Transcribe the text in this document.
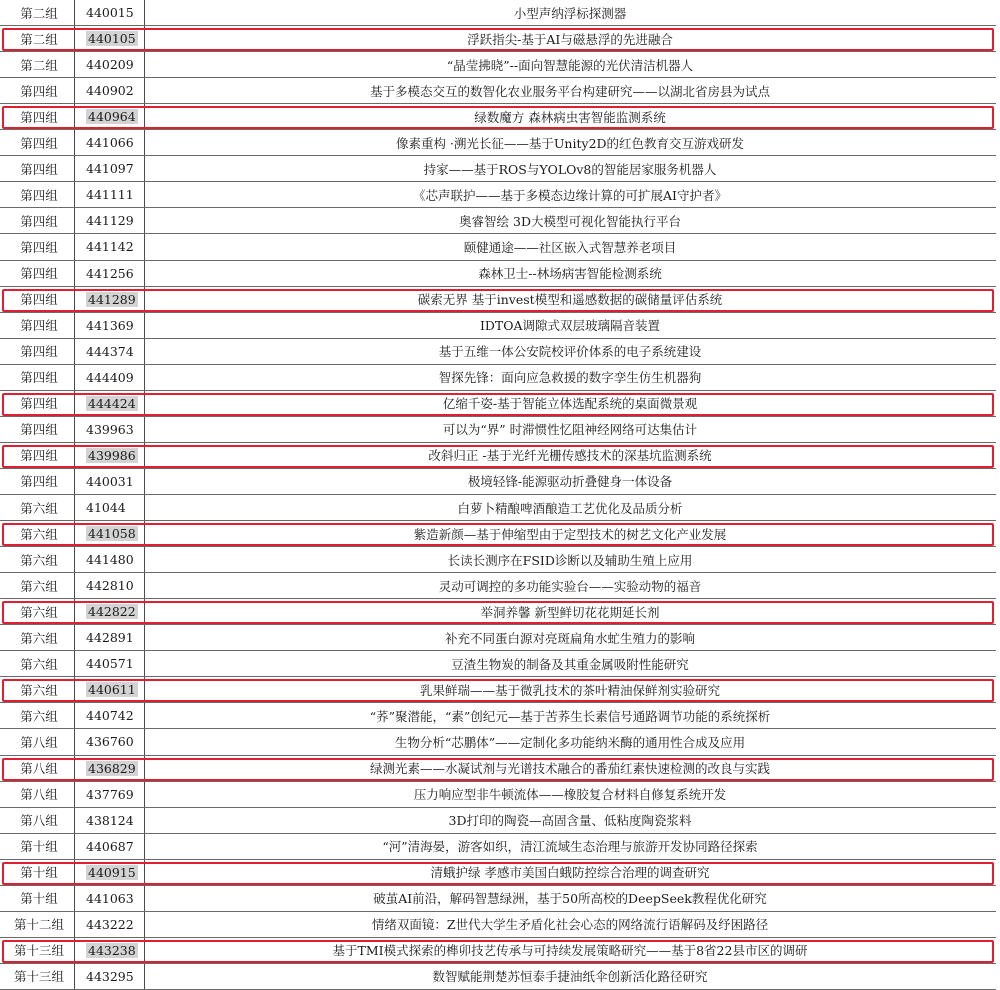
第二组	440015	小型声纳浮标探测器
第二组	440105	浮跃指尖-基于AI与磁悬浮的先进融合
第二组	440209	“晶莹拂晓”--面向智慧能源的光伏清洁机器人
第四组	440902	基于多模态交互的数智化农业服务平台构建研究——以湖北省房县为试点
第四组	440964	绿数魔方 森林病虫害智能监测系统
第四组	441066	像素重构 ·溯光长征——基于Unity2D的红色教育交互游戏研发
第四组	441097	持家——基于ROS与YOLOv8的智能居家服务机器人
第四组	441111	《芯声联护——基于多模态边缘计算的可扩展AI守护者》
第四组	441129	奥睿智绘 3D大模型可视化智能执行平台
第四组	441142	颐健通途——社区嵌入式智慧养老项目
第四组	441256	森林卫士--林场病害智能检测系统
第四组	441289	碳索无界 基于invest模型和遥感数据的碳储量评估系统
第四组	441369	IDTOA调隙式双层玻璃隔音装置
第四组	444374	基于五维一体公安院校评价体系的电子系统建设
第四组	444409	智探先锋：面向应急救援的数字孪生仿生机器狗
第四组	444424	亿缩千姿-基于智能立体选配系统的桌面微景观
第四组	439963	可以为“界” 时滞惯性忆阻神经网络可达集估计
第四组	439986	改斜归正 -基于光纤光栅传感技术的深基坑监测系统
第四组	440031	极境轻锋-能源驱动折叠健身一体设备
第六组	41044	白萝卜精酿啤酒酿造工艺优化及品质分析
第六组	441058	紫造新颜—基于伸缩型由于定型技术的树艺文化产业发展
第六组	441480	长读长测序在FSID诊断以及辅助生殖上应用
第六组	442810	灵动可调控的多功能实验台——实验动物的福音
第六组	442822	举洞养馨 新型鲜切花花期延长剂
第六组	442891	补充不同蛋白源对亮斑扁角水虻生殖力的影响
第六组	440571	豆渣生物炭的制备及其重金属吸附性能研究
第六组	440611	乳果鲜瑞——基于微乳技术的茶叶精油保鲜剂实验研究
第六组	440742	“荞”聚潜能，“素”创纪元—基于苦荞生长素信号通路调节功能的系统探析
第八组	436760	生物分析“芯鹏体”——定制化多功能纳米酶的通用性合成及应用
第八组	436829	绿测光素——水凝试剂与光谱技术融合的番茄红素快速检测的改良与实践
第八组	437769	压力响应型非牛顿流体——橡胶复合材料自修复系统开发
第八组	438124	3D打印的陶瓷—高固含量、低粘度陶瓷浆料
第十组	440687	“河”清海晏，游客如织，清江流域生态治理与旅游开发协同路径探索
第十组	440915	清蛾护绿 孝感市美国白蛾防控综合治理的调查研究
第十组	441063	破茧AI前沿，解码智慧绿洲，基于50所高校的DeepSeek教程优化研究
第十二组	443222	情绪双面镜：Z世代大学生矛盾化社会心态的网络流行语解码及纾困路径
第十三组	443238	基于TMI模式探索的榫卯技艺传承与可持续发展策略研究——基于8省22县市区的调研
第十三组	443295	数智赋能荆楚苏恒泰手捷油纸伞创新活化路径研究
